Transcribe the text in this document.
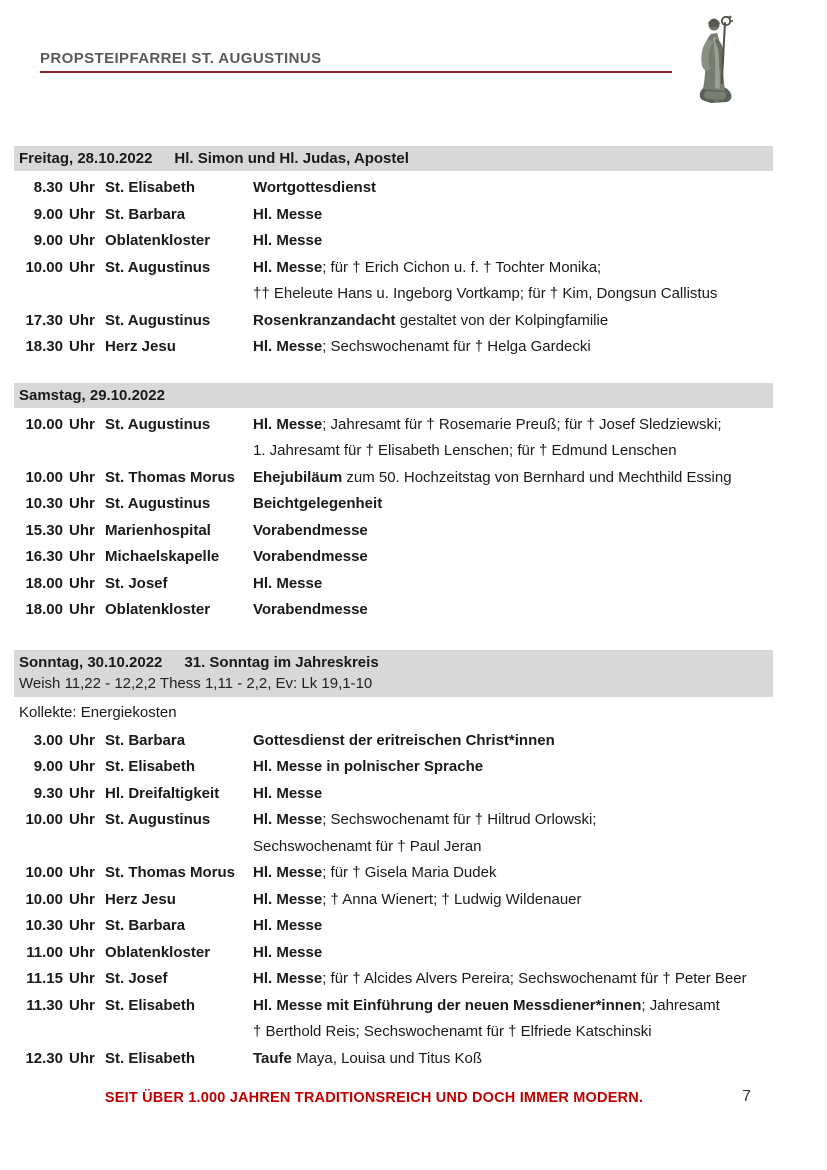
PROPSTEIPFARREI ST. AUGUSTINUS
Freitag, 28.10.2022 Hl. Simon und Hl. Judas, Apostel
8.30 Uhr St. Elisabeth	Wortgottesdienst
9.00 Uhr St. Barbara	Hl. Messe
9.00 Uhr Oblatenkloster	Hl. Messe
10.00 Uhr St. Augustinus	Hl. Messe; für † Erich Cichon u. f. † Tochter Monika;
†† Eheleute Hans u. Ingeborg Vortkamp; für † Kim, Dongsun Callistus
17.30 Uhr St. Augustinus	Rosenkranzandacht gestaltet von der Kolpingfamilie
18.30 Uhr Herz Jesu	Hl. Messe; Sechswochenamt für † Helga Gardecki
Samstag, 29.10.2022
10.00 Uhr St. Augustinus	Hl. Messe; Jahresamt für † Rosemarie Preuß; für † Josef Sledziewski;
1. Jahresamt für † Elisabeth Lenschen; für † Edmund Lenschen
10.00 Uhr St. Thomas Morus	Ehejubiläum zum 50. Hochzeitstag von Bernhard und Mechthild Essing
10.30 Uhr St. Augustinus	Beichtgelegenheit
15.30 Uhr Marienhospital	Vorabendmesse
16.30 Uhr Michaelskapelle	Vorabendmesse
18.00 Uhr St. Josef	Hl. Messe
18.00 Uhr Oblatenkloster	Vorabendmesse
Sonntag, 30.10.2022 31. Sonntag im Jahreskreis
Weish 11,22 - 12,2,2 Thess 1,11 - 2,2, Ev: Lk 19,1-10
Kollekte: Energiekosten
3.00 Uhr St. Barbara	Gottesdienst der eritreischen Christ*innen
9.00 Uhr St. Elisabeth	Hl. Messe in polnischer Sprache
9.30 Uhr Hl. Dreifaltigkeit	Hl. Messe
10.00 Uhr St. Augustinus	Hl. Messe; Sechswochenamt für † Hiltrud Orlowski;
Sechswochenamt für † Paul Jeran
10.00 Uhr St. Thomas Morus	Hl. Messe; für † Gisela Maria Dudek
10.00 Uhr Herz Jesu	Hl. Messe; † Anna Wienert; † Ludwig Wildenauer
10.30 Uhr St. Barbara	Hl. Messe
11.00 Uhr Oblatenkloster	Hl. Messe
11.15 Uhr St. Josef	Hl. Messe; für † Alcides Alvers Pereira; Sechswochenamt für † Peter Beer
11.30 Uhr St. Elisabeth	Hl. Messe mit Einführung der neuen Messdiener*innen; Jahresamt
† Berthold Reis; Sechswochenamt für † Elfriede Katschinski
12.30 Uhr St. Elisabeth	Taufe Maya, Louisa und Titus Koß
SEIT ÜBER 1.000 JAHREN TRADITIONSREICH UND DOCH IMMER MODERN.	7
